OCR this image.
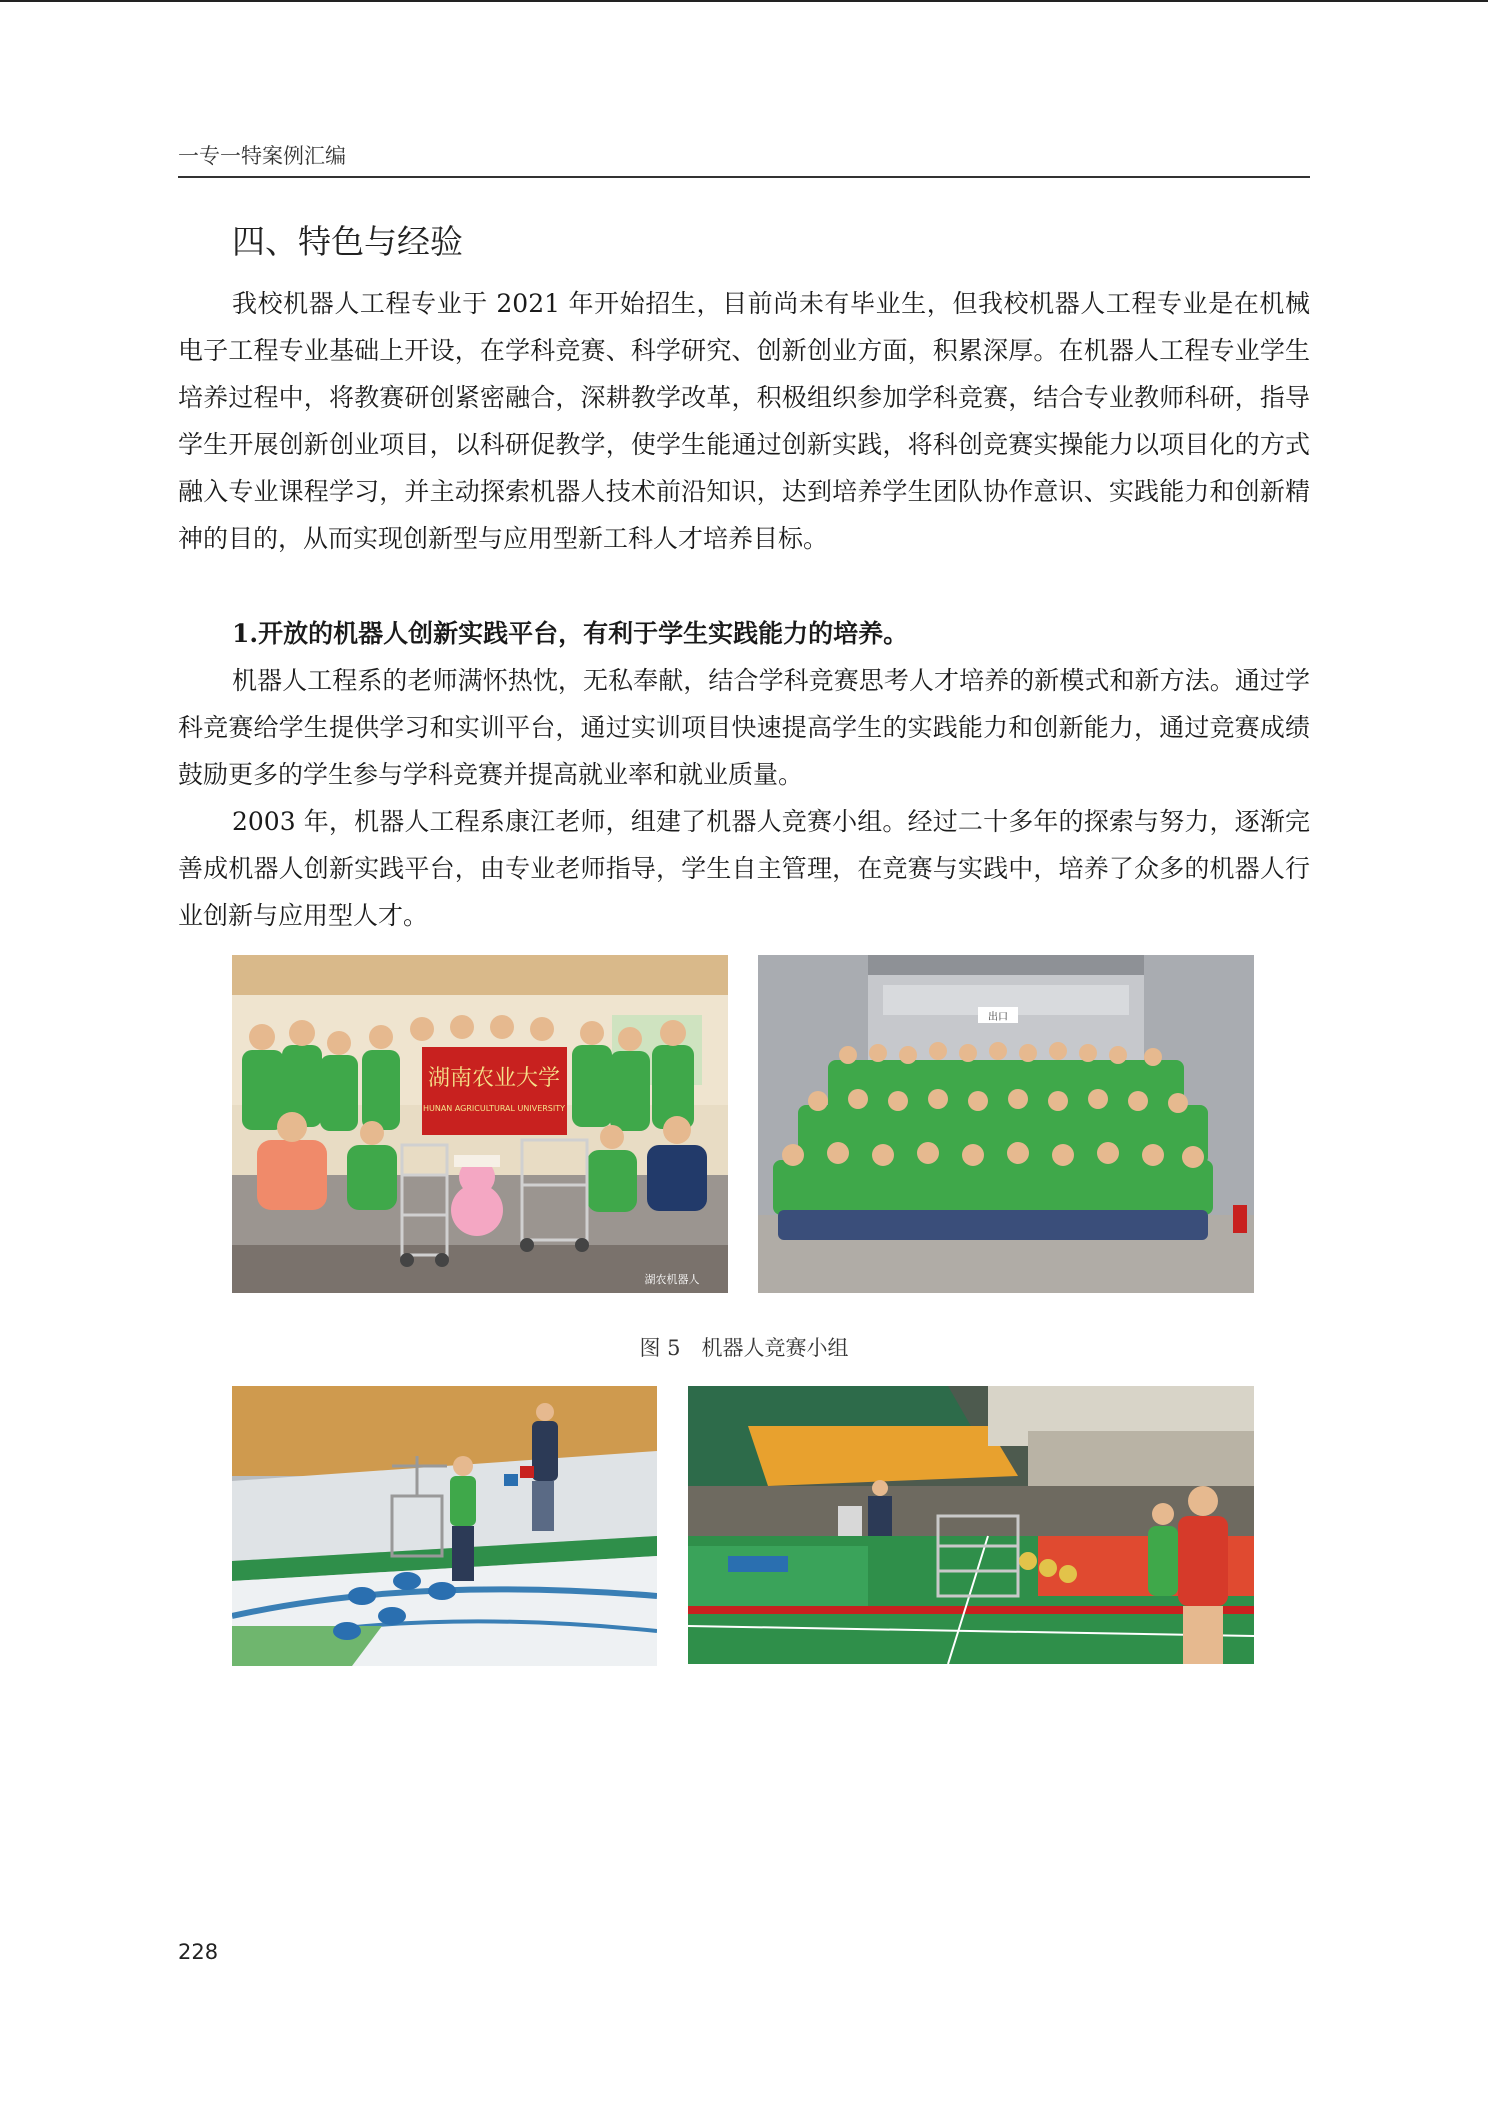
一专一特案例汇编
四、特色与经验

我校机器人工程专业于 2021 年开始招生，目前尚未有毕业生，但我校机器人工程专业是在机械电子工程专业基础上开设，在学科竞赛、科学研究、创新创业方面，积累深厚。在机器人工程专业学生培养过程中，将教赛研创紧密融合，深耕教学改革，积极组织参加学科竞赛，结合专业教师科研，指导学生开展创新创业项目，以科研促教学，使学生能通过创新实践，将科创竞赛实操能力以项目化的方式融入专业课程学习，并主动探索机器人技术前沿知识，达到培养学生团队协作意识、实践能力和创新精神的目的，从而实现创新型与应用型新工科人才培养目标。

1.开放的机器人创新实践平台，有利于学生实践能力的培养。

机器人工程系的老师满怀热忱，无私奉献，结合学科竞赛思考人才培养的新模式和新方法。通过学科竞赛给学生提供学习和实训平台，通过实训项目快速提高学生的实践能力和创新能力，通过竞赛成绩鼓励更多的学生参与学科竞赛并提高就业率和就业质量。

2003 年，机器人工程系康江老师，组建了机器人竞赛小组。经过二十多年的探索与努力，逐渐完善成机器人创新实践平台，由专业老师指导，学生自主管理，在竞赛与实践中，培养了众多的机器人行业创新与应用型人才。

湖南农业大学
HUNAN AGRICULTURAL UNIVERSITY
湖农机器人
出口
图 5　机器人竞赛小组
228
